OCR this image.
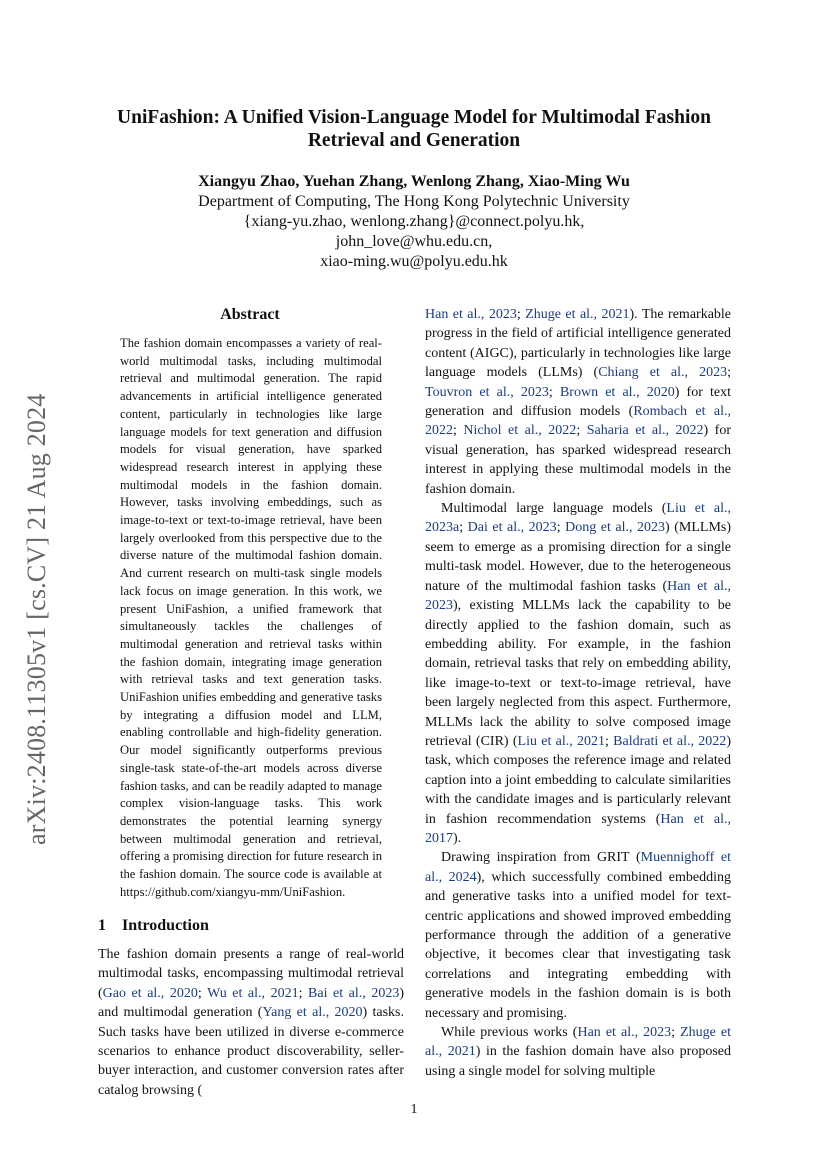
arXiv:2408.11305v1 [cs.CV] 21 Aug 2024
UniFashion: A Unified Vision-Language Model for Multimodal Fashion
Retrieval and Generation
Xiangyu Zhao, Yuehan Zhang, Wenlong Zhang, Xiao-Ming Wu
Department of Computing, The Hong Kong Polytechnic University
{xiang-yu.zhao, wenlong.zhang}@connect.polyu.hk,
john_love@whu.edu.cn,
xiao-ming.wu@polyu.edu.hk
Abstract
The fashion domain encompasses a variety of real-world multimodal tasks, including multimodal retrieval and multimodal generation. The rapid advancements in artificial intelligence generated content, particularly in technologies like large language models for text generation and diffusion models for visual generation, have sparked widespread research interest in applying these multimodal models in the fashion domain. However, tasks involving embeddings, such as image-to-text or text-to-image retrieval, have been largely overlooked from this perspective due to the diverse nature of the multimodal fashion domain. And current research on multi-task single models lack focus on image generation. In this work, we present UniFashion, a unified framework that simultaneously tackles the challenges of multimodal generation and retrieval tasks within the fashion domain, integrating image generation with retrieval tasks and text generation tasks. UniFashion unifies embedding and generative tasks by integrating a diffusion model and LLM, enabling controllable and high-fidelity generation. Our model significantly outperforms previous single-task state-of-the-art models across diverse fashion tasks, and can be readily adapted to manage complex vision-language tasks. This work demonstrates the potential learning synergy between multimodal generation and retrieval, offering a promising direction for future research in the fashion domain. The source code is available at https://github.com/xiangyu-mm/UniFashion.
1 Introduction

The fashion domain presents a range of real-world multimodal tasks, encompassing multimodal retrieval (Gao et al., 2020; Wu et al., 2021; Bai et al., 2023) and multimodal generation (Yang et al., 2020) tasks. Such tasks have been utilized in diverse e-commerce scenarios to enhance product discoverability, seller-buyer interaction, and customer conversion rates after catalog browsing (

Han et al., 2023; Zhuge et al., 2021). The remarkable progress in the field of artificial intelligence generated content (AIGC), particularly in technologies like large language models (LLMs) (Chiang et al., 2023; Touvron et al., 2023; Brown et al., 2020) for text generation and diffusion models (Rombach et al., 2022; Nichol et al., 2022; Saharia et al., 2022) for visual generation, has sparked widespread research interest in applying these multimodal models in the fashion domain.

Multimodal large language models (Liu et al., 2023a; Dai et al., 2023; Dong et al., 2023) (MLLMs) seem to emerge as a promising direction for a single multi-task model. However, due to the heterogeneous nature of the multimodal fashion tasks (Han et al., 2023), existing MLLMs lack the capability to be directly applied to the fashion domain, such as embedding ability. For example, in the fashion domain, retrieval tasks that rely on embedding ability, like image-to-text or text-to-image retrieval, have been largely neglected from this aspect. Furthermore, MLLMs lack the ability to solve composed image retrieval (CIR) (Liu et al., 2021; Baldrati et al., 2022) task, which composes the reference image and related caption into a joint embedding to calculate similarities with the candidate images and is particularly relevant in fashion recommendation systems (Han et al., 2017).

Drawing inspiration from GRIT (Muennighoff et al., 2024), which successfully combined embedding and generative tasks into a unified model for text-centric applications and showed improved embedding performance through the addition of a generative objective, it becomes clear that investigating task correlations and integrating embedding with generative models in the fashion domain is is both necessary and promising.

While previous works (Han et al., 2023; Zhuge et al., 2021) in the fashion domain have also proposed using a single model for solving multiple

1
